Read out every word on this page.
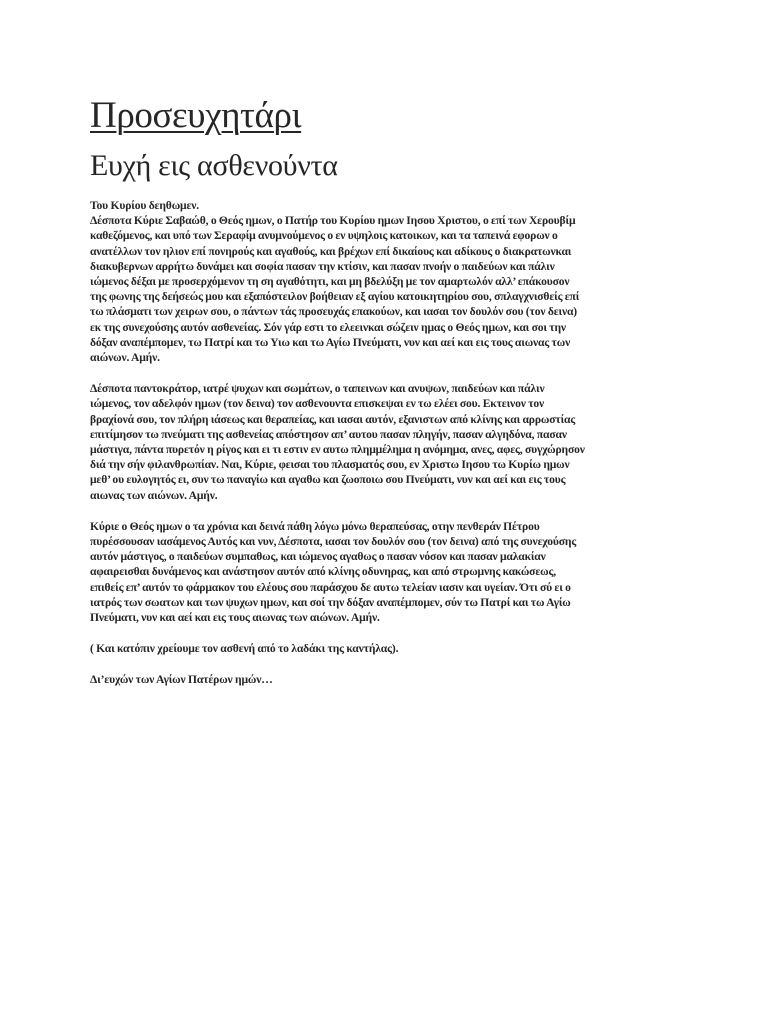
Προσευχητάρι
Ευχή εις ασθενούντα

Του Κυρίου δεηθωμεν.
Δέσποτα Κύριε Σαβαώθ, ο Θεός ημων, ο Πατήρ του Κυρίου ημων Ιησου Χριστου, ο επί των Χερουβίμ
καθεζόμενος, και υπό των Σεραφίμ ανυμνούμενος ο εν υψηλοις κατοικων, και τα ταπεινά εφορων ο
ανατέλλων τον ηλιον επί πονηρούς και αγαθούς, και βρέχων επί δικαίους και αδίκους ο διακρατωνκαι
διακυβερνων αρρήτω δυνάμει και σοφία πασαν την κτίσιν, και πασαν πνοήν ο παιδεύων και πάλιν
ιώμενος δέξαι με προσερχόμενον τη ση αγαθότητι, και μη βδελύξη με τον αμαρτωλόν αλλ’ επάκουσον
της φωνης της δεήσεώς μου και εξαπόστειλον βοήθειαν εξ αγίου κατοικητηρίου σου, σπλαγχνισθείς επί
τω πλάσματι των χειρων σου, ο πάντων τάς προσευχάς επακούων, και ιασαι τον δουλόν σου (τον δεινα)
εκ της συνεχούσης αυτόν ασθενείας. Σόν γάρ εστι το ελεεινκαι σώζειν ημας ο Θεός ημων, και σοι την
δόξαν αναπέμπομεν, τω Πατρί και τω Υιω και τω Αγίω Πνεύματι, νυν και αεί και εις τους αιωνας των
αιώνων. Αμήν.

Δέσποτα παντοκράτορ, ιατρέ ψυχων και σωμάτων, ο ταπεινων και ανυψων, παιδεύων και πάλιν
ιώμενος, τον αδελφόν ημων (τον δεινα) τον ασθενουντα επισκεψαι εν τω ελέει σου. Εκτεινον τον
βραχίονά σου, τον πλήρη ιάσεως και θεραπείας, και ιασαι αυτόν, εξανιστων από κλίνης και αρρωστίας
επιτίμησον τω πνεύματι της ασθενείας απόστησον απ’ αυτου πασαν πληγήν, πασαν αλγηδόνα, πασαν
μάστιγα, πάντα πυρετόν η ρίγος και ει τι εστιν εν αυτω πλημμέλημα η ανόμημα, ανες, αφες, συγχώρησον
διά την σήν φιλανθρωπίαν. Ναι, Κύριε, φεισαι του πλασματός σου, εν Χριστω Ιησου τω Κυρίω ημων
μεθ’ ου ευλογητός ει, συν τω παναγίω και αγαθω και ζωοποιω σου Πνεύματι, νυν και αεί και εις τους
αιωνας των αιώνων. Αμήν.

Κύριε ο Θεός ημων ο τα χρόνια και δεινά πάθη λόγω μόνω θεραπεύσας, οτην πενθεράν Πέτρου
πυρέσσουσαν ιασάμενος Αυτός και νυν, Δέσποτα, ιασαι τον δουλόν σου (τον δεινα) από της συνεχούσης
αυτόν μάστιγος, ο παιδεύων συμπαθως, και ιώμενος αγαθως ο πασαν νόσον και πασαν μαλακίαν
αφαιρεισθαι δυνάμενος και ανάστησον αυτόν από κλίνης οδυνηρας, και από στρωμνης κακώσεως,
επιθείς επ’ αυτόν το φάρμακον του ελέους σου παράσχου δε αυτω τελείαν ιασιν και υγείαν. Ότι σύ ει ο
ιατρός των σωατων και των ψυχων ημων, και σοί την δόξαν αναπέμπομεν, σύν τω Πατρί και τω Αγίω
Πνεύματι, νυν και αεί και εις τους αιωνας των αιώνων. Αμήν.

( Και κατόπιν χρείουμε τον ασθενή από το λαδάκι της καντήλας).

Δι’ευχών των Αγίων Πατέρων ημών…
